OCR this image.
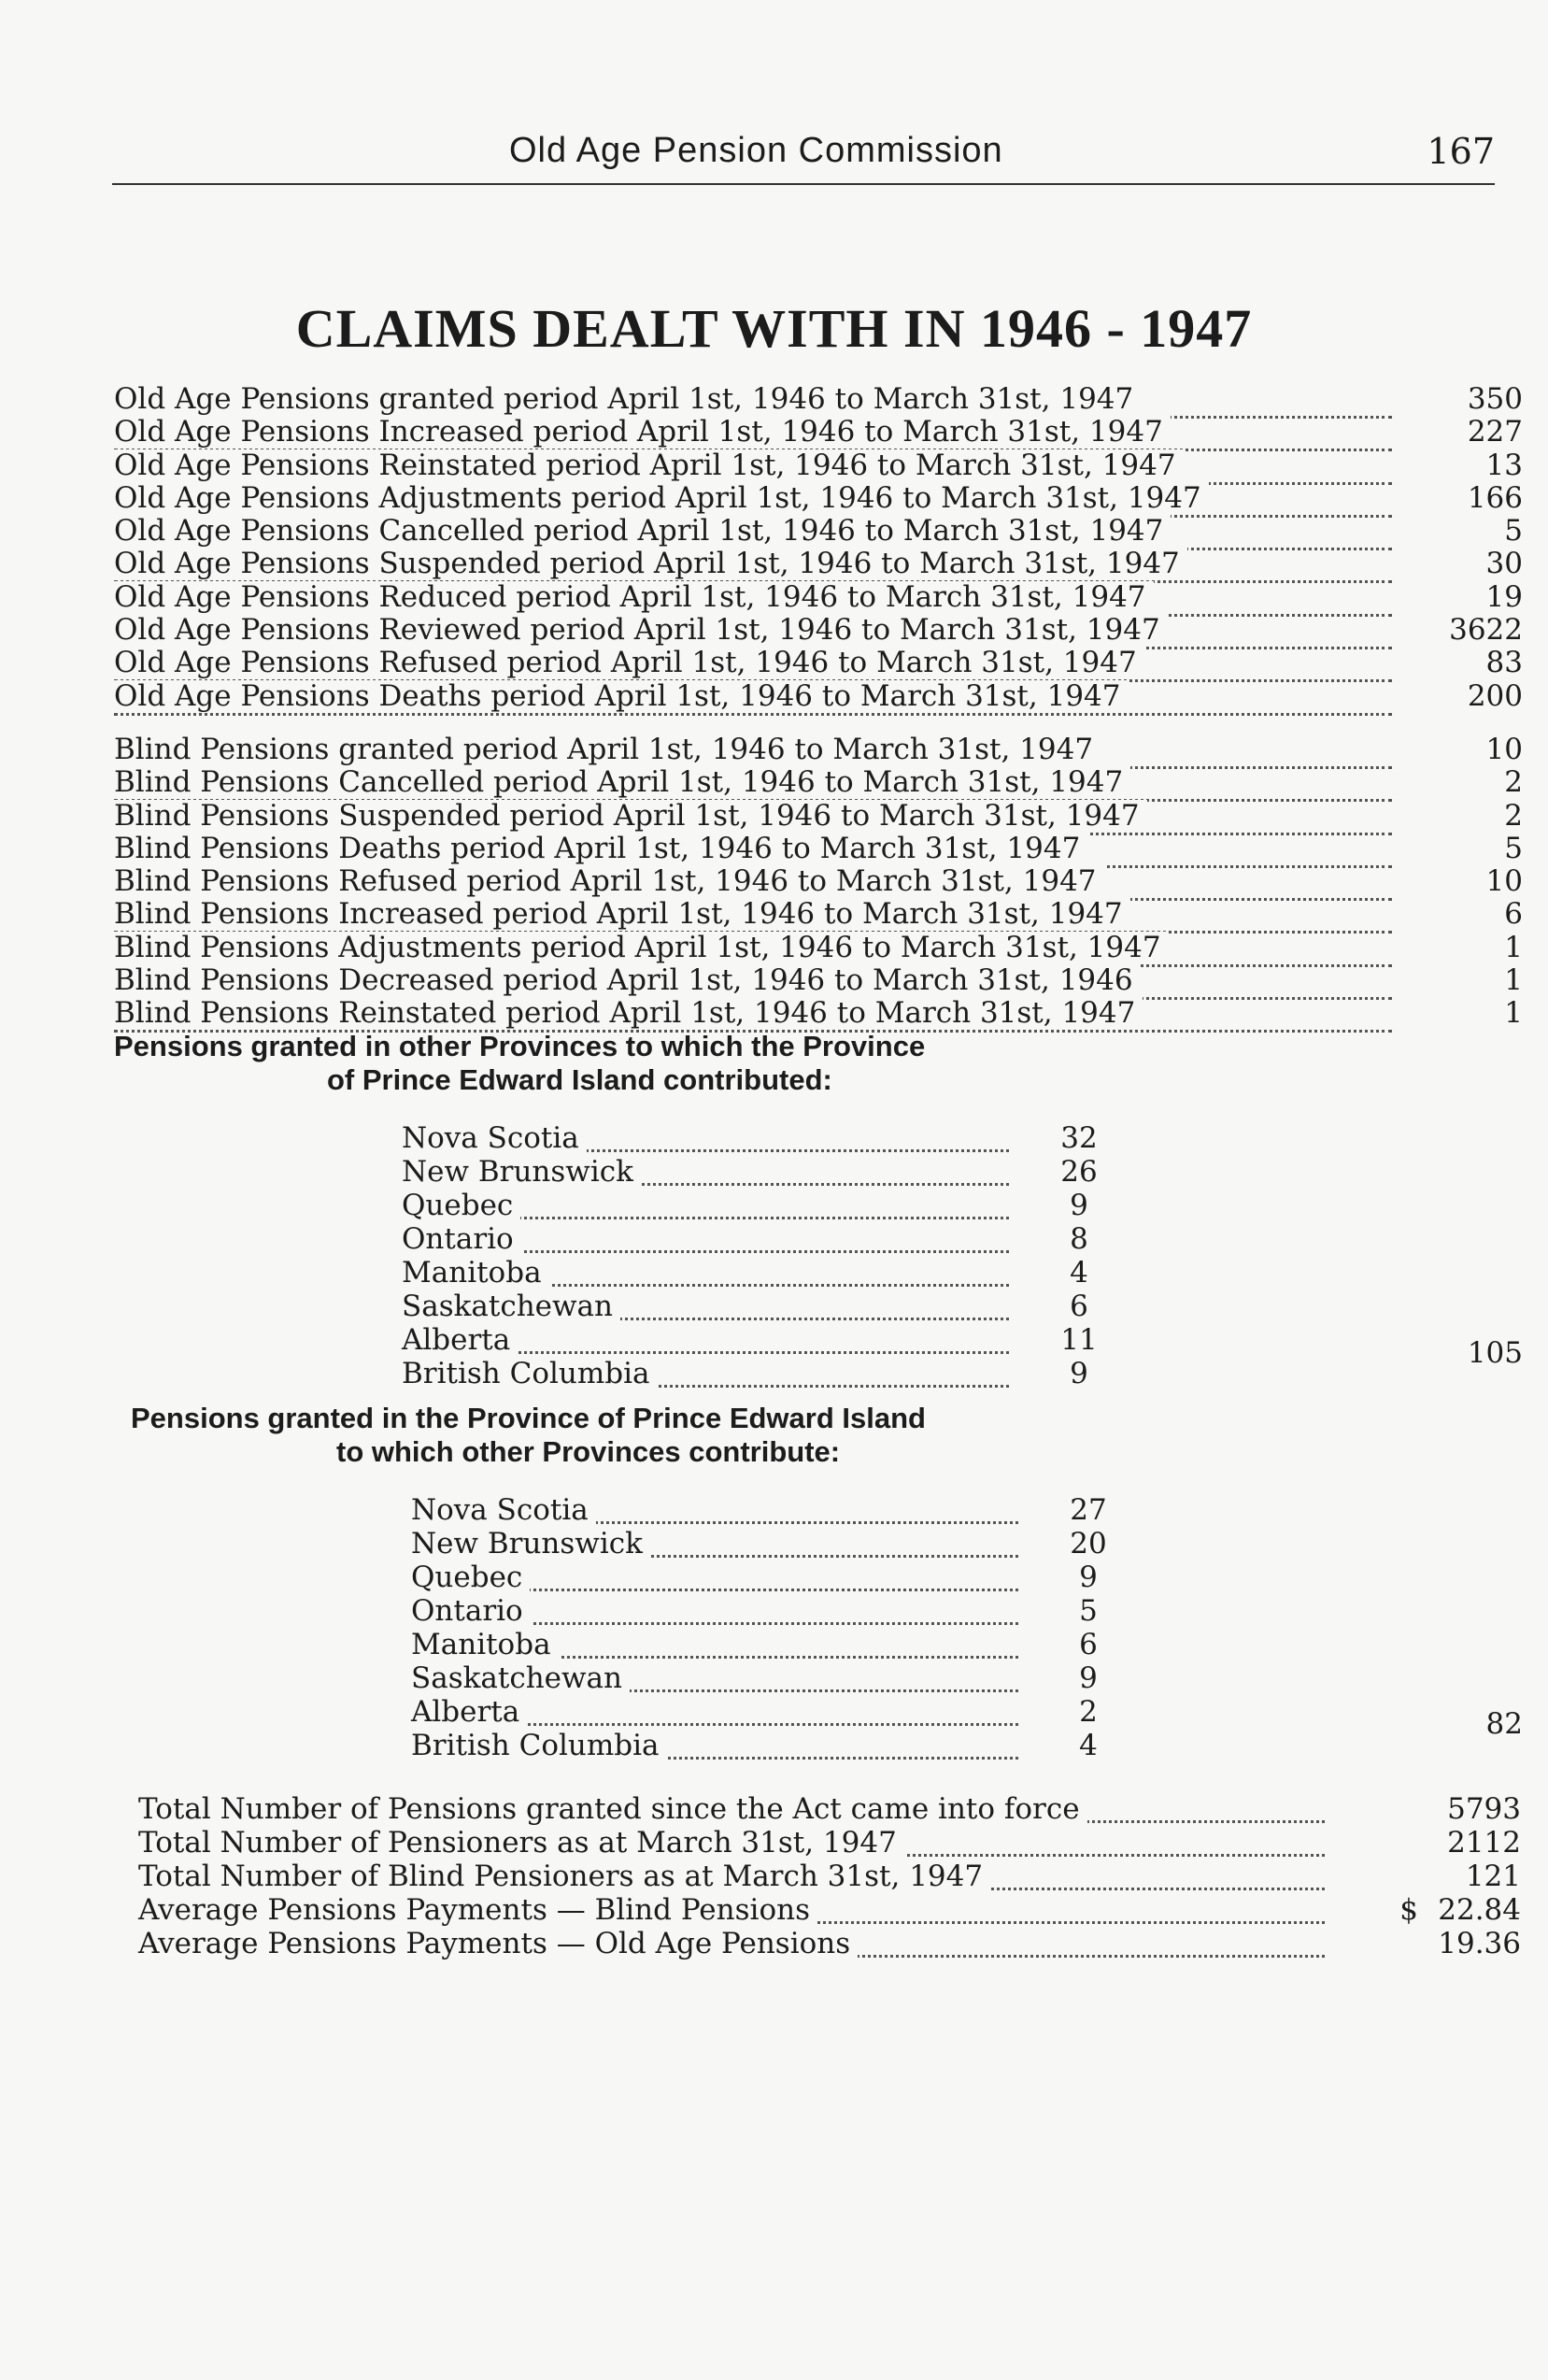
Old Age Pension Commission	167
CLAIMS DEALT WITH IN 1946 - 1947
Old Age Pensions granted period April 1st, 1946 to March 31st, 1947	350
Old Age Pensions Increased period April 1st, 1946 to March 31st, 1947	227
Old Age Pensions Reinstated period April 1st, 1946 to March 31st, 1947	13
Old Age Pensions Adjustments period April 1st, 1946 to March 31st, 1947	166
Old Age Pensions Cancelled period April 1st, 1946 to March 31st, 1947	5
Old Age Pensions Suspended period April 1st, 1946 to March 31st, 1947	30
Old Age Pensions Reduced period April 1st, 1946 to March 31st, 1947	19
Old Age Pensions Reviewed period April 1st, 1946 to March 31st, 1947	3622
Old Age Pensions Refused period April 1st, 1946 to March 31st, 1947	83
Old Age Pensions Deaths period April 1st, 1946 to March 31st, 1947	200
Blind Pensions granted period April 1st, 1946 to March 31st, 1947	10
Blind Pensions Cancelled period April 1st, 1946 to March 31st, 1947	2
Blind Pensions Suspended period April 1st, 1946 to March 31st, 1947	2
Blind Pensions Deaths period April 1st, 1946 to March 31st, 1947	5
Blind Pensions Refused period April 1st, 1946 to March 31st, 1947	10
Blind Pensions Increased period April 1st, 1946 to March 31st, 1947	6
Blind Pensions Adjustments period April 1st, 1946 to March 31st, 1947	1
Blind Pensions Decreased period April 1st, 1946 to March 31st, 1946	1
Blind Pensions Reinstated period April 1st, 1946 to March 31st, 1947	1
Pensions granted in other Provinces to which the Province
of Prince Edward Island contributed:
Nova Scotia	32
New Brunswick	26
Quebec	9
Ontario	8
Manitoba	4
Saskatchewan	6
Alberta	11
British Columbia	9
105
Pensions granted in the Province of Prince Edward Island
to which other Provinces contribute:
Nova Scotia	27
New Brunswick	20
Quebec	9
Ontario	5
Manitoba	6
Saskatchewan	9
Alberta	2
British Columbia	4
82
Total Number of Pensions granted since the Act came into force	5793
Total Number of Pensioners as at March 31st, 1947	2112
Total Number of Blind Pensioners as at March 31st, 1947	121
Average Pensions Payments — Blind Pensions	$ 22.84
Average Pensions Payments — Old Age Pensions	19.36
